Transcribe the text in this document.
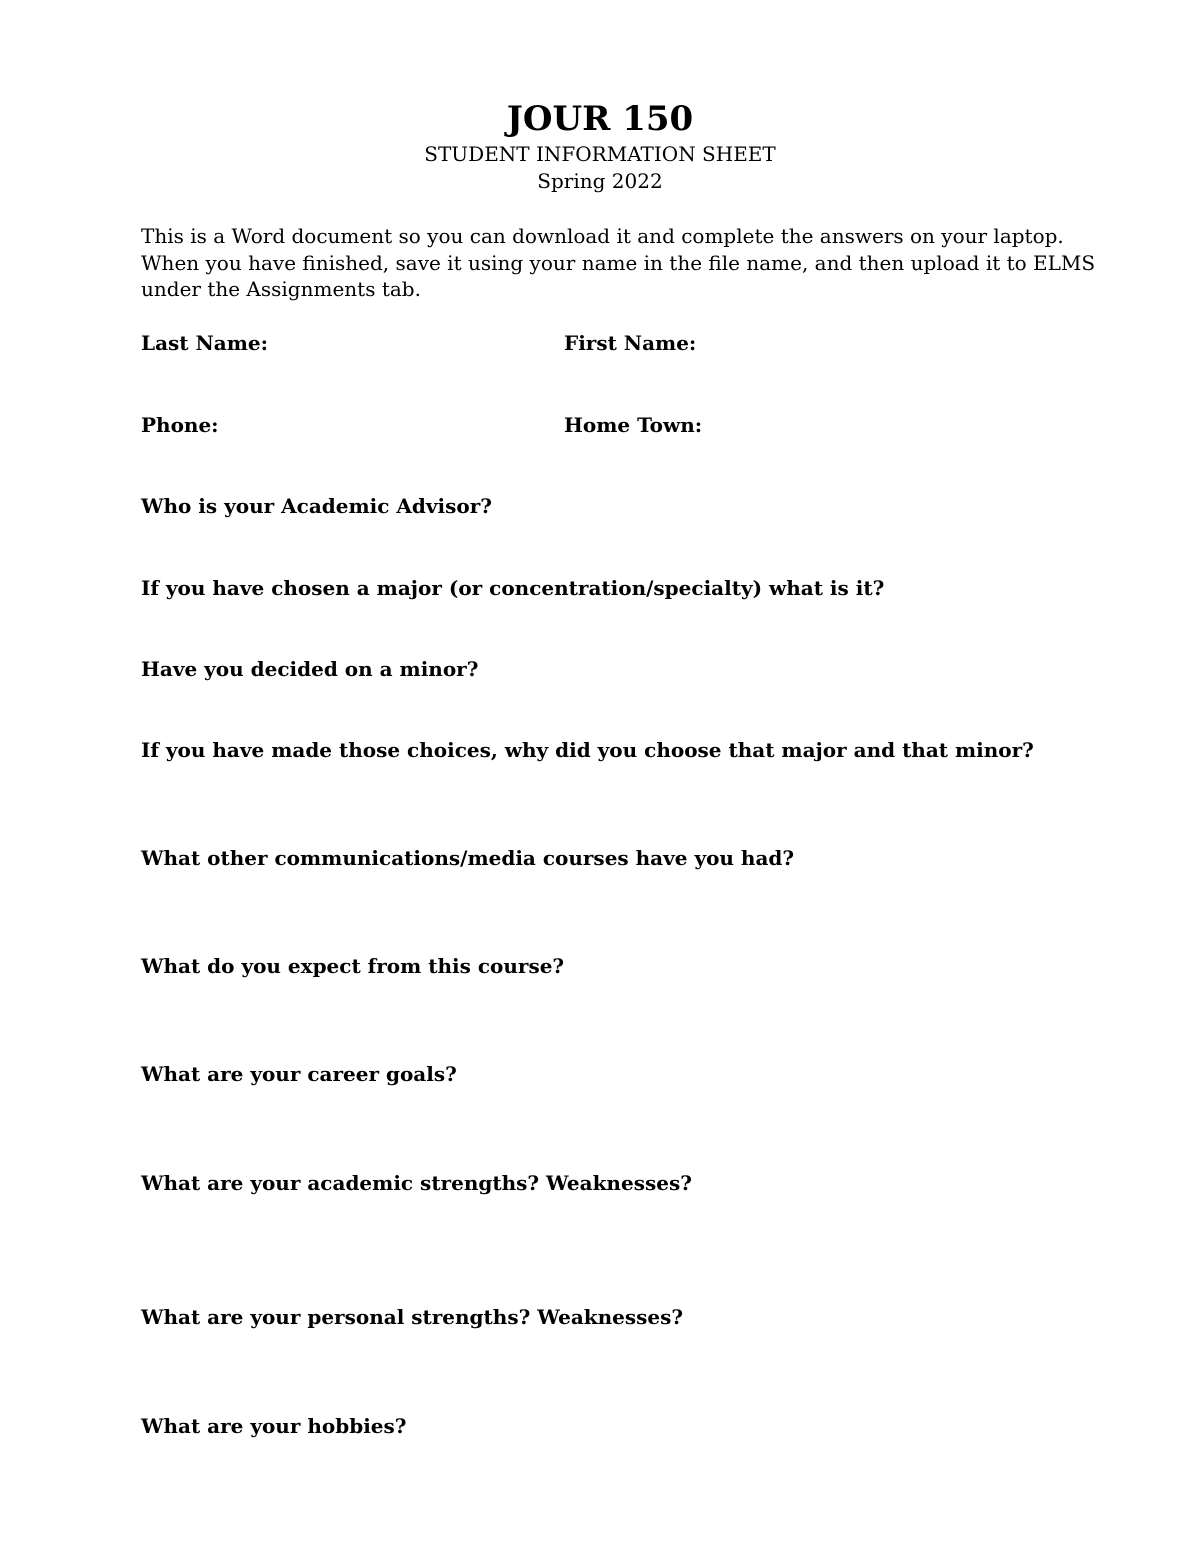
JOUR 150

STUDENT INFORMATION SHEET

Spring 2022

This is a Word document so you can download it and complete the answers on your laptop.
When you have finished, save it using your name in the file name, and then upload it to ELMS
under the Assignments tab.

Last Name:	First Name:

Phone:	Home Town:

Who is your Academic Advisor?

If you have chosen a major (or concentration/specialty) what is it?

Have you decided on a minor?

If you have made those choices, why did you choose that major and that minor?

What other communications/media courses have you had?

What do you expect from this course?

What are your career goals?

What are your academic strengths? Weaknesses?

What are your personal strengths? Weaknesses?

What are your hobbies?
